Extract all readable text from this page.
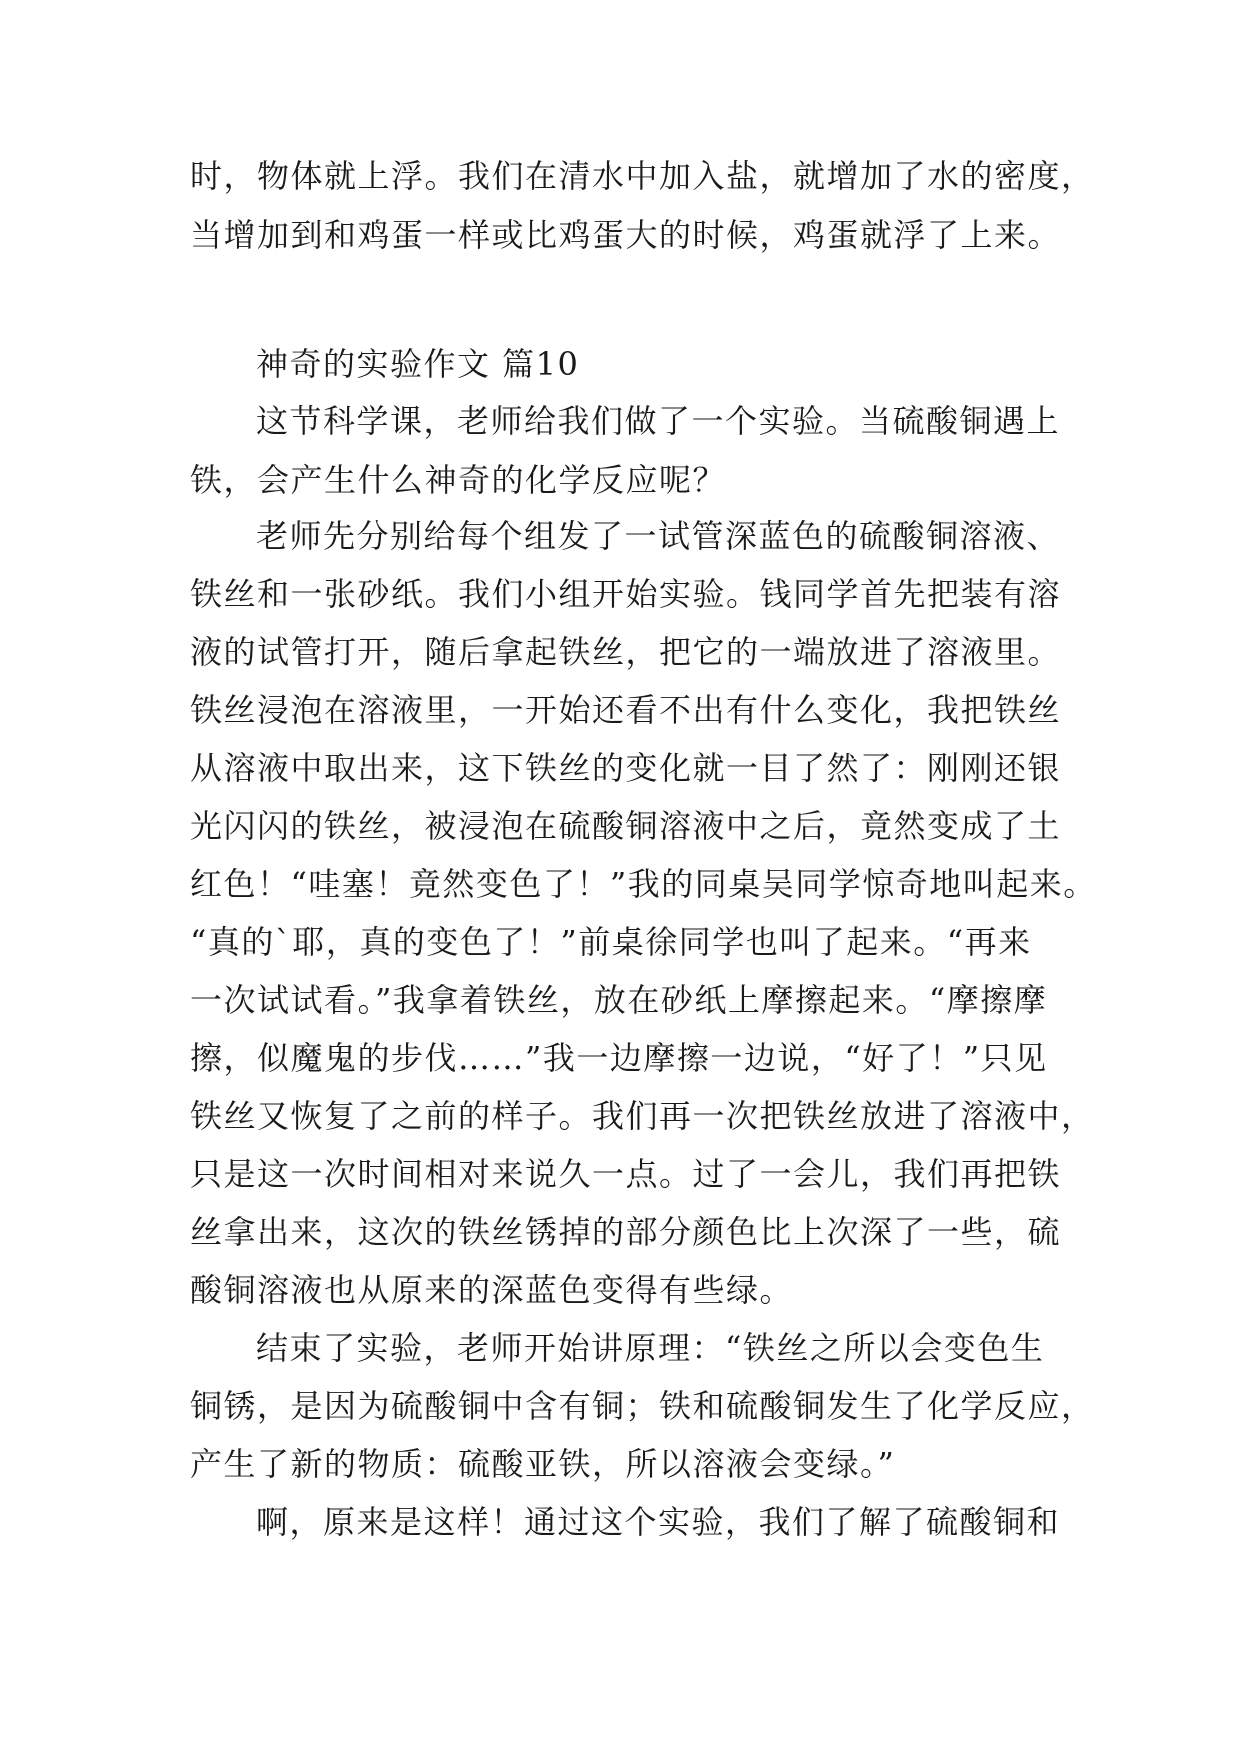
时，物体就上浮。我们在清水中加入盐，就增加了水的密度，
当增加到和鸡蛋一样或比鸡蛋大的时候，鸡蛋就浮了上来。
神奇的实验作文 篇10
这节科学课，老师给我们做了一个实验。当硫酸铜遇上
铁，会产生什么神奇的化学反应呢？
老师先分别给每个组发了一试管深蓝色的硫酸铜溶液、
铁丝和一张砂纸。我们小组开始实验。钱同学首先把装有溶
液的试管打开，随后拿起铁丝，把它的一端放进了溶液里。
铁丝浸泡在溶液里，一开始还看不出有什么变化，我把铁丝
从溶液中取出来，这下铁丝的变化就一目了然了：刚刚还银
光闪闪的铁丝，被浸泡在硫酸铜溶液中之后，竟然变成了土
红色！“哇塞！竟然变色了！”我的同桌吴同学惊奇地叫起来。
“真的`耶，真的变色了！”前桌徐同学也叫了起来。“再来
一次试试看。”我拿着铁丝，放在砂纸上摩擦起来。“摩擦摩
擦，似魔鬼的步伐……”我一边摩擦一边说，“好了！”只见
铁丝又恢复了之前的样子。我们再一次把铁丝放进了溶液中，
只是这一次时间相对来说久一点。过了一会儿，我们再把铁
丝拿出来，这次的铁丝锈掉的部分颜色比上次深了一些，硫
酸铜溶液也从原来的深蓝色变得有些绿。
结束了实验，老师开始讲原理：“铁丝之所以会变色生
铜锈，是因为硫酸铜中含有铜；铁和硫酸铜发生了化学反应，
产生了新的物质：硫酸亚铁，所以溶液会变绿。”
啊，原来是这样！通过这个实验，我们了解了硫酸铜和
